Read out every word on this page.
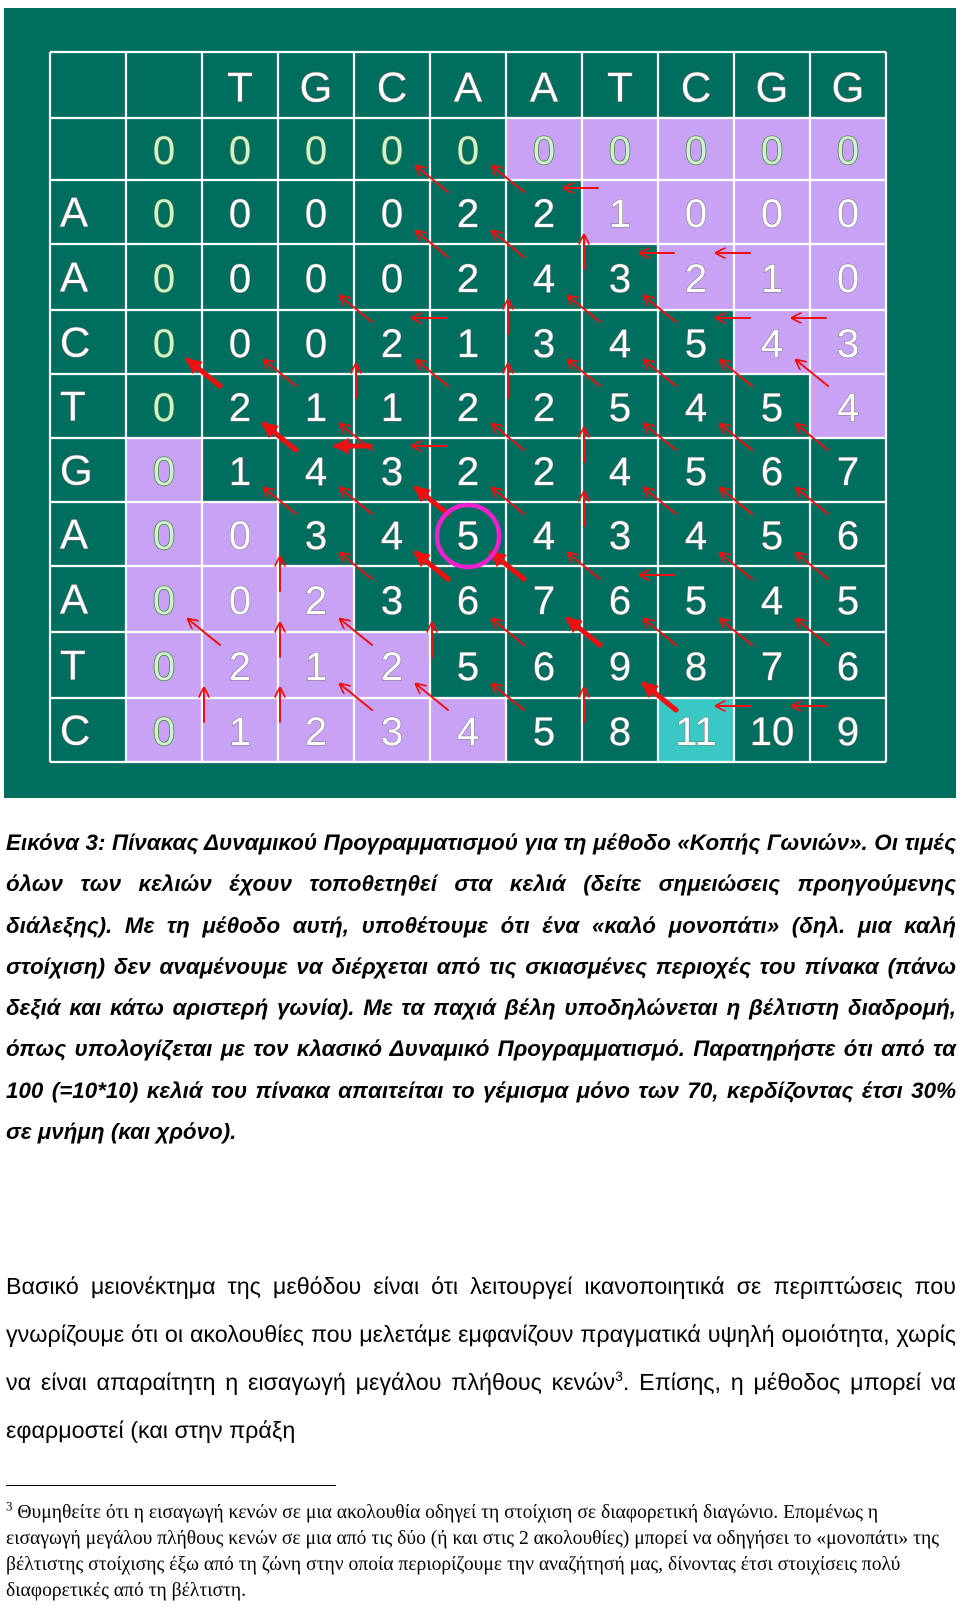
T G C A A T C G G
A
A
C
T
G
A
A
T
C
0 0 0 0 0 0 0 0 0 0
0 0 0 0 2 2 1 0 0 0
0 0 0 0 2 4 3 2 1 0
0 0 0 2 1 3 4 5 4 3
0 2 1 1 2 2 5 4 5 4
0 1 4 3 2 2 4 5 6 7
0 0 3 4 5 4 3 4 5 6
0 0 2 3 6 7 6 5 4 5
0 2 1 2 5 6 9 8 7 6
0 1 2 3 4 5 8 11 10 9

Εικόνα 3: Πίνακας Δυναμικού Προγραμματισμού για τη μέθοδο «Κοπής Γωνιών». Οι τιμές όλων των κελιών έχουν τοποθετηθεί στα κελιά (δείτε σημειώσεις προηγούμενης διάλεξης). Με τη μέθοδο αυτή, υποθέτουμε ότι ένα «καλό μονοπάτι» (δηλ. μια καλή στοίχιση) δεν αναμένουμε να διέρχεται από τις σκιασμένες περιοχές του πίνακα (πάνω δεξιά και κάτω αριστερή γωνία). Με τα παχιά βέλη υποδηλώνεται η βέλτιστη διαδρομή, όπως υπολογίζεται με τον κλασικό Δυναμικό Προγραμματισμό. Παρατηρήστε ότι από τα 100 (=10*10) κελιά του πίνακα απαιτείται το γέμισμα μόνο των 70, κερδίζοντας έτσι 30% σε μνήμη (και χρόνο).

Βασικό μειονέκτημα της μεθόδου είναι ότι λειτουργεί ικανοποιητικά σε περιπτώσεις που γνωρίζουμε ότι οι ακολουθίες που μελετάμε εμφανίζουν πραγματικά υψηλή ομοιότητα, χωρίς να είναι απαραίτητη η εισαγωγή μεγάλου πλήθους κενών$^3$. Επίσης, η μέθοδος μπορεί να εφαρμοστεί (και στην πράξη

$^3$ Θυμηθείτε ότι η εισαγωγή κενών σε μια ακολουθία οδηγεί τη στοίχιση σε διαφορετική διαγώνιο. Επομένως η εισαγωγή μεγάλου πλήθους κενών σε μια από τις δύο (ή και στις 2 ακολουθίες) μπορεί να οδηγήσει το «μονοπάτι» της βέλτιστης στοίχισης έξω από τη ζώνη στην οποία περιορίζουμε την αναζήτησή μας, δίνοντας έτσι στοιχίσεις πολύ διαφορετικές από τη βέλτιστη.
